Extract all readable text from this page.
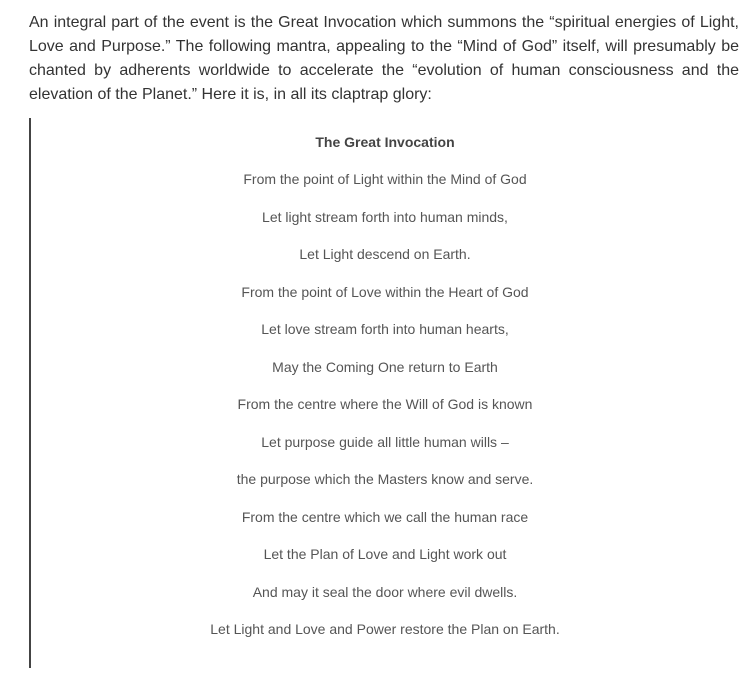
An integral part of the event is the Great Invocation which summons the “spiritual energies of Light, Love and Purpose.” The following mantra, appealing to the “Mind of God” itself, will presumably be chanted by adherents worldwide to accelerate the “evolution of human consciousness and the elevation of the Planet.” Here it is, in all its claptrap glory:

The Great Invocation

From the point of Light within the Mind of God
Let light stream forth into human minds,
Let Light descend on Earth.
From the point of Love within the Heart of God
Let love stream forth into human hearts,
May the Coming One return to Earth
From the centre where the Will of God is known
Let purpose guide all little human wills –
the purpose which the Masters know and serve.
From the centre which we call the human race
Let the Plan of Love and Light work out
And may it seal the door where evil dwells.
Let Light and Love and Power restore the Plan on Earth.
